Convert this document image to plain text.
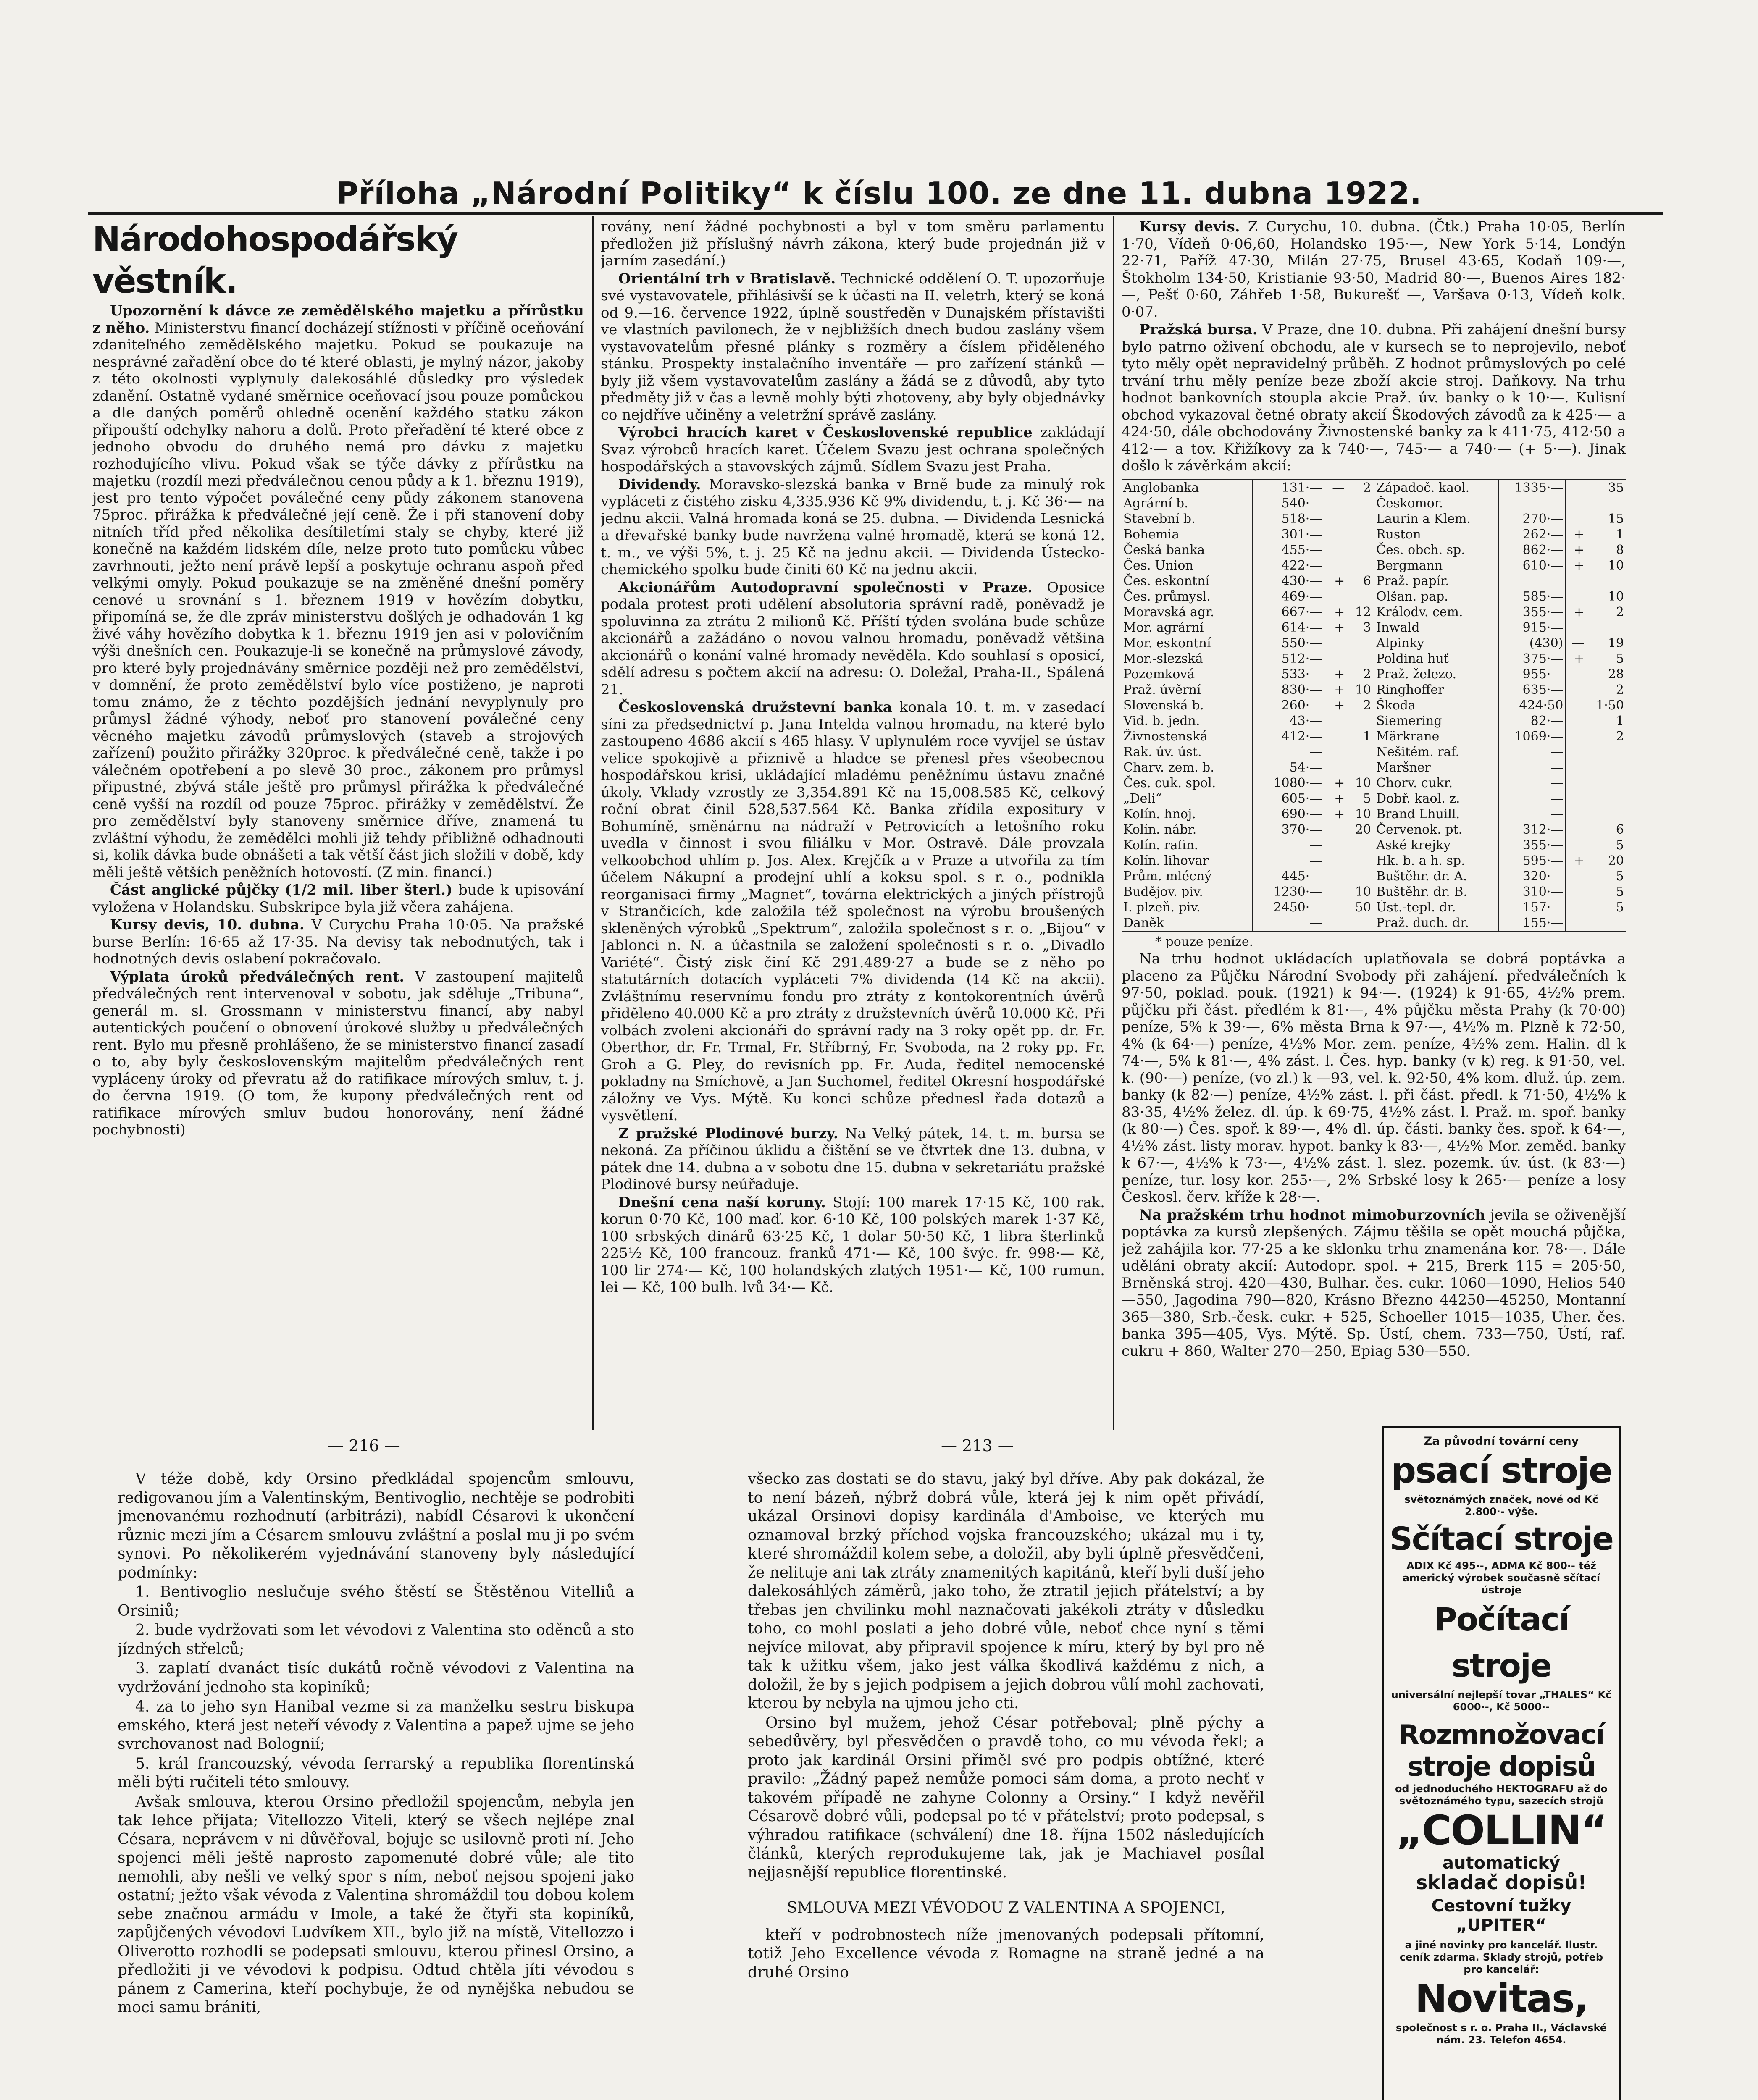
Příloha „Národní Politiky“ k číslu 100. ze dne 11. dubna 1922.
Národohospodářský věstník.

Upozornění k dávce ze zemědělského majetku a přírůstku z něho. Ministerstvu financí docházejí stížnosti v příčině oceňování zdaniteľného zemědělského majetku. Pokud se poukazuje na nesprávné zařadění obce do té které oblasti, je mylný názor, jakoby z této okolnosti vyplynuly dalekosáhlé důsledky pro výsledek zdanění. Ostatně vydané směrnice oceňovací jsou pouze pomůckou a dle daných poměrů ohledně ocenění každého statku zákon připouští odchylky nahoru a dolů. Proto přeřadění té které obce z jednoho obvodu do druhého nemá pro dávku z majetku rozhodujícího vlivu. Pokud však se týče dávky z přírůstku na majetku (rozdíl mezi předválečnou cenou půdy a k 1. březnu 1919), jest pro tento výpočet poválečné ceny půdy zákonem stanovena 75proc. přirážka k předválečné její ceně. Že i při stanovení doby nitních tříd před několika desítiletími staly se chyby, které již konečně na každém lidském díle, nelze proto tuto pomůcku vůbec zavrhnouti, ježto není právě lepší a poskytuje ochranu aspoň před velkými omyly. Pokud poukazuje se na změněné dnešní poměry cenové u srovnání s 1. březnem 1919 v hovězím dobytku, připomíná se, že dle zpráv ministerstvu došlých je odhadován 1 kg živé váhy hovězího dobytka k 1. březnu 1919 jen asi v polovičním výši dnešních cen. Poukazuje-li se konečně na průmyslové závody, pro které byly projednávány směrnice později než pro zemědělství, v domnění, že proto zemědělství bylo více postiženo, je naproti tomu známo, že z těchto pozdějších jednání nevyplynuly pro průmysl žádné výhody, neboť pro stanovení poválečné ceny věcného majetku závodů průmyslových (staveb a strojových zařízení) použito přirážky 320proc. k předválečné ceně, takže i po válečném opotřebení a po slevě 30 proc., zákonem pro průmysl připustné, zbývá stále ještě pro průmysl přirážka k předválečné ceně vyšší na rozdíl od pouze 75proc. přirážky v zemědělství. Že pro zemědělství byly stanoveny směrnice dříve, znamená tu zvláštní výhodu, že zemědělci mohli již tehdy přibližně odhadnouti si, kolik dávka bude obnášeti a tak větší část jich složili v době, kdy měli ještě větších peněžních hotovostí. (Z min. financí.)

Část anglické půjčky (1/2 mil. liber šterl.) bude k upisování vyložena v Holandsku. Subskripce byla již včera zahájena.

Kursy devis, 10. dubna. V Curychu Praha 10·05. Na pražské burse Berlín: 16·65 až 17·35. Na devisy tak nebodnutých, tak i hodnotných devis oslabení pokračovalo.

Výplata úroků předválečných rent. V zastoupení majitelů předválečných rent intervenoval v sobotu, jak sděluje „Tribuna“, generál m. sl. Grossmann v ministerstvu financí, aby nabyl autentických poučení o obnovení úrokové služby u předválečných rent. Bylo mu přesně prohlášeno, že se ministerstvo financí zasadí o to, aby byly československým majitelům předválečných rent vypláceny úroky od převratu až do ratifikace mírových smluv, t. j. do června 1919. (O tom, že kupony předválečných rent od ratifikace mírových smluv budou honorovány, není žádné pochybnosti)

rovány, není žádné pochybnosti a byl v tom směru parlamentu předložen již příslušný návrh zákona, který bude projednán již v jarním zasedání.)

Orientální trh v Bratislavě. Technické oddělení O. T. upozorňuje své vystavovatele, přihlásivší se k účasti na II. veletrh, který se koná od 9.—16. července 1922, úplně soustředěn v Dunajském přístavišti ve vlastních pavilonech, že v nejbližších dnech budou zaslány všem vystavovatelům přesné plánky s rozměry a číslem přiděleného stánku. Prospekty instalačního inventáře — pro zařízení stánků — byly již všem vystavovatelům zaslány a žádá se z důvodů, aby tyto předměty již v čas a levně mohly býti zhotoveny, aby byly objednávky co nejdříve učiněny a veletržní správě zaslány.

Výrobci hracích karet v Československé republice zakládají Svaz výrobců hracích karet. Účelem Svazu jest ochrana společných hospodářských a stavovských zájmů. Sídlem Svazu jest Praha.

Dividendy. Moravsko-slezská banka v Brně bude za minulý rok vypláceti z čistého zisku 4,335.936 Kč 9% dividendu, t. j. Kč 36·— na jednu akcii. Valná hromada koná se 25. dubna. — Dividenda Lesnická a dřevařské banky bude navržena valné hromadě, která se koná 12. t. m., ve výši 5%, t. j. 25 Kč na jednu akcii. — Dividenda Ústecko-chemického spolku bude činiti 60 Kč na jednu akcii.

Akcionářům Autodopravní společnosti v Praze. Oposice podala protest proti udělení absolutoria správní radě, poněvadž je spoluvinna za ztrátu 2 milionů Kč. Příští týden svolána bude schůze akcionářů a zažádáno o novou valnou hromadu, poněvadž většina akcionářů o konání valné hromady nevěděla. Kdo souhlasí s oposicí, sdělí adresu s počtem akcií na adresu: O. Doležal, Praha-II., Spálená 21.

Československá družstevní banka konala 10. t. m. v zasedací síni za předsednictví p. Jana Intelda valnou hromadu, na které bylo zastoupeno 4686 akcií s 465 hlasy. V uplynulém roce vyvíjel se ústav velice spokojivě a přiznivě a hladce se přenesl přes všeobecnou hospodářskou krisi, ukládající mladému peněžnímu ústavu značné úkoly. Vklady vzrostly ze 3,354.891 Kč na 15,008.585 Kč, celkový roční obrat činil 528,537.564 Kč. Banka zřídila expositury v Bohumíně, směnárnu na nádraží v Petrovicích a letošního roku uvedla v činnost i svou filiálku v Mor. Ostravě. Dále provzala velkoobchod uhlím p. Jos. Alex. Krejčík a v Praze a utvořila za tím účelem Nákupní a prodejní uhlí a koksu spol. s r. o., podnikla reorganisaci firmy „Magnet“, továrna elektrických a jiných přístrojů v Strančicích, kde založila též společnost na výrobu broušených skleněných výrobků „Spektrum“, založila společnost s r. o. „Bijou“ v Jablonci n. N. a účastnila se založení společnosti s r. o. „Divadlo Variété“. Čistý zisk činí Kč 291.489·27 a bude se z něho po statutárních dotacích vypláceti 7% dividenda (14 Kč na akcii). Zvláštnímu reservnímu fondu pro ztráty z kontokorentních úvěrů přiděleno 40.000 Kč a pro ztráty z družstevních úvěrů 10.000 Kč. Při volbách zvoleni akcionáři do správní rady na 3 roky opět pp. dr. Fr. Oberthor, dr. Fr. Trmal, Fr. Stříbrný, Fr. Svoboda, na 2 roky pp. Fr. Groh a G. Pley, do revisních pp. Fr. Auda, ředitel nemocenské pokladny na Smíchově, a Jan Suchomel, ředitel Okresní hospodářské záložny ve Vys. Mýtě. Ku konci schůze přednesl řada dotazů a vysvětlení.

Z pražské Plodinové burzy. Na Velký pátek, 14. t. m. bursa se nekoná. Za příčinou úklidu a čištění se ve čtvrtek dne 13. dubna, v pátek dne 14. dubna a v sobotu dne 15. dubna v sekretariátu pražské Plodinové bursy neúřaduje.

Dnešní cena naší koruny. Stojí: 100 marek 17·15 Kč, 100 rak. korun 0·70 Kč, 100 maď. kor. 6·10 Kč, 100 polských marek 1·37 Kč, 100 srbských dinárů 63·25 Kč, 1 dolar 50·50 Kč, 1 libra šterlinků 225½ Kč, 100 francouz. franků 471·— Kč, 100 švýc. fr. 998·— Kč, 100 lir 274·— Kč, 100 holandských zlatých 1951·— Kč, 100 rumun. lei — Kč, 100 bulh. lvů 34·— Kč.

Kursy devis. Z Curychu, 10. dubna. (Čtk.) Praha 10·05, Berlín 1·70, Vídeň 0·06,60, Holandsko 195·—, New York 5·14, Londýn 22·71, Paříž 47·30, Milán 27·75, Brusel 43·65, Kodaň 109·—, Štokholm 134·50, Kristianie 93·50, Madrid 80·—, Buenos Aires 182·—, Pešť 0·60, Záhřeb 1·58, Bukurešť —, Varšava 0·13, Vídeň kolk. 0·07.

Pražská bursa. V Praze, dne 10. dubna. Při zahájení dnešní bursy bylo patrno oživení obchodu, ale v kursech se to neprojevilo, neboť tyto měly opět nepravidelný průběh. Z hodnot průmyslových po celé trvání trhu měly peníze beze zboží akcie stroj. Daňkovy. Na trhu hodnot bankovních stoupla akcie Praž. úv. banky o k 10·—. Kulisní obchod vykazoval četné obraty akcií Škodových závodů za k 425·— a 424·50, dále obchodovány Živnostenské banky za k 411·75, 412·50 a 412·— a tov. Křižíkovy za k 740·—, 745·— a 740·— (+ 5·—). Jinak došlo k závěrkám akcií:

Anglobanka	131·—	—	2
Agrární b.	540·—		
Stavební b.	518·—		
Bohemia	301·—		
Česká banka	455·—		
Čes. Union	422·—		
Čes. eskontní	430·—	+	6
Čes. průmysl.	469·—		
Moravská agr.	667·—	+	12
Mor. agrární	614·—	+	3
Mor. eskontní	550·—		
Mor.-slezská	512·—		
Pozemková	533·—	+	2
Praž. úvěrní	830·—	+	10
Slovenská b.	260·—	+	2
Vid. b. jedn.	43·—		
Živnostenská	412·—		1
Rak. úv. úst.	—		
Charv. zem. b.	54·—		
Čes. cuk. spol.	1080·—	+	10
„Deli“	605·—	+	5
Kolín. hnoj.	690·—	+	10
Kolín. nábr.	370·—		20
Kolín. rafin.	—		
Kolín. lihovar	—		
Prům. mlécný	445·—		
Budějov. piv.	1230·—		10
I. plzeň. piv.	2450·—		50
Daněk	—		
Západoč. kaol.	1335·—		35
Českomor.			
Laurin a Klem.	270·—		15
Ruston	262·—	+	1
Čes. obch. sp.	862·—	+	8
Bergmann	610·—	+	10
Praž. papír.			
Olšan. pap.	585·—		10
Králodv. cem.	355·—	+	2
Inwald	915·—		
Alpinky	(430)	—	19
Poldina huť	375·—	+	5
Praž. železo.	955·—	—	28
Ringhoffer	635·—		2
Škoda	424·50		1·50
Siemering	82·—		1
Märkrane	1069·—		2
Nešitém. raf.	—		
Maršner	—		
Chorv. cukr.	—		
Dobř. kaol. z.	—		
Brand Lhuill.	—		
Červenok. pt.	312·—		6
Aské krejky	355·—		5
Hk. b. a h. sp.	595·—	+	20
Buštěhr. dr. A.	320·—		5
Buštěhr. dr. B.	310·—		5
Úst.-tepl. dr.	157·—		5
Praž. duch. dr.	155·—		
* pouze peníze.

Na trhu hodnot ukládacích uplatňovala se dobrá poptávka a placeno za Půjčku Národní Svobody při zahájení. předválečních k 97·50, poklad. pouk. (1921) k 94·—. (1924) k 91·65, 4½% prem. půjčku při část. předlém k 81·—, 4% půjčku města Prahy (k 70·00) peníze, 5% k 39·—, 6% města Brna k 97·—, 4½% m. Plzně k 72·50, 4% (k 64·—) peníze, 4½% Mor. zem. peníze, 4½% zem. Halin. dl k 74·—, 5% k 81·—, 4% zást. l. Čes. hyp. banky (v k) reg. k 91·50, vel. k. (90·—) peníze, (vo zl.) k —93, vel. k. 92·50, 4% kom. dluž. úp. zem. banky (k 82·—) peníze, 4½% zást. l. při část. předl. k 71·50, 4½% k 83·35, 4½% želez. dl. úp. k 69·75, 4½% zást. l. Praž. m. spoř. banky (k 80·—) Čes. spoř. k 89·—, 4% dl. úp. části. banky čes. spoř. k 64·—, 4½% zást. listy morav. hypot. banky k 83·—, 4½% Mor. zeměd. banky k 67·—, 4½% k 73·—, 4½% zást. l. slez. pozemk. úv. úst. (k 83·—) peníze, tur. losy kor. 255·—, 2% Srbské losy k 265·— peníze a losy Českosl. červ. kříže k 28·—.

Na pražském trhu hodnot mimoburzovních jevila se oživenější poptávka za kursů zlepšených. Zájmu těšila se opět mouchá půjčka, jež zahájila kor. 77·25 a ke sklonku trhu znamenána kor. 78·—. Dále uděláni obraty akcií: Autodopr. spol. + 215, Brerk 115 = 205·50, Brněnská stroj. 420—430, Bulhar. čes. cukr. 1060—1090, Helios 540—550, Jagodina 790—820, Krásno Březno 44250—45250, Montanní 365—380, Srb.-česk. cukr. + 525, Schoeller 1015—1035, Uher. čes. banka 395—405, Vys. Mýtě. Sp. Ústí, chem. 733—750, Ústí, raf. cukru + 860, Walter 270—250, Epiag 530—550.

— 216 —	— 213 —

V téže době, kdy Orsino předkládal spojencům smlouvu, redigovanou jím a Valentinským, Bentivoglio, nechtěje se podrobiti jmenovanému rozhodnutí (arbitrázi), nabídl Césarovi k ukončení různic mezi jím a Césarem smlouvu zvláštní a poslal mu ji po svém synovi. Po několikerém vyjednávání stanoveny byly následující podmínky:

1. Bentivoglio neslučuje svého štěstí se Štěstěnou Vitelliů a Orsiniů;

2. bude vydržovati som let vévodovi z Valentina sto oděnců a sto jízdných střelců;

3. zaplatí dvanáct tisíc dukátů ročně vévodovi z Valentina na vydržování jednoho sta kopiníků;

4. za to jeho syn Hanibal vezme si za manželku sestru biskupa emského, která jest neteří vévody z Valentina a papež ujme se jeho svrchovanost nad Bolognií;

5. král francouzský, vévoda ferrarský a republika florentinská měli býti ručiteli této smlouvy.

Avšak smlouva, kterou Orsino předložil spojencům, nebyla jen tak lehce přijata; Vitellozzo Viteli, který se všech nejlépe znal Césara, neprávem v ni důvěřoval, bojuje se usilovně proti ní. Jeho spojenci měli ještě naprosto zapomenuté dobré vůle; ale tito nemohli, aby nešli ve velký spor s ním, neboť nejsou spojeni jako ostatní; ježto však vévoda z Valentina shromáždil tou dobou kolem sebe značnou armádu v Imole, a také že čtyři sta kopiníků, zapůjčených vévodovi Ludvíkem XII., bylo již na místě, Vitellozzo i Oliverotto rozhodli se podepsati smlouvu, kterou přinesl Orsino, a předložiti ji ve vévodovi k podpisu. Odtud chtěla jíti vévodou s pánem z Camerina, kteří pochybuje, že od nynějška nebudou se moci samu brániti,

všecko zas dostati se do stavu, jaký byl dříve. Aby pak dokázal, že to není bázeň, nýbrž dobrá vůle, která jej k nim opět přivádí, ukázal Orsinovi dopisy kardinála d'Amboise, ve kterých mu oznamoval brzký příchod vojska francouzského; ukázal mu i ty, které shromáždil kolem sebe, a doložil, aby byli úplně přesvědčeni, že nelituje ani tak ztráty znamenitých kapitánů, kteří byli duší jeho dalekosáhlých záměrů, jako toho, že ztratil jejich přátelství; a by třebas jen chvilinku mohl naznačovati jakékoli ztráty v důsledku toho, co mohl poslati a jeho dobré vůle, neboť chce nyní s těmi nejvíce milovat, aby připravil spojence k míru, který by byl pro ně tak k užitku všem, jako jest válka škodlivá každému z nich, a doložil, že by s jejich podpisem a jejich dobrou vůlí mohl zachovati, kterou by nebyla na ujmou jeho cti.

Orsino byl mužem, jehož César potřeboval; plně pýchy a sebedůvěry, byl přesvědčen o pravdě toho, co mu vévoda řekl; a proto jak kardinál Orsini přiměl své pro podpis obtížné, které pravilo: „Žádný papež nemůže pomoci sám doma, a proto nechť v takovém případě ne zahyne Colonny a Orsiny.“ I když nevěřil Césarově dobré vůli, podepsal po té v přátelství; proto podepsal, s výhradou ratifikace (schválení) dne 18. října 1502 následujících článků, kterých reprodukujeme tak, jak je Machiavel posílal nejjasnější republice florentinské.

SMLOUVA MEZI VÉVODOU Z VALENTINA A SPOJENCI,

kteří v podrobnostech níže jmenovaných podepsali přítomní, totiž Jeho Excellence vévoda z Romagne na straně jedné a na druhé Orsino

Za původní tovární ceny
psací stroje
světoznámých značek, nové od Kč 2.800·- výše.
Sčítací stroje
ADIX Kč 495·-, ADMA Kč 800·- též americký výrobek současně sčítací ústroje
Počítací stroje
universální nejlepší tovar „THALES“ Kč 6000·-, Kč 5000·-
Rozmnožovací stroje dopisů
od jednoduchého HEKTOGRAFU až do světoznámého typu, sazecích strojů
„COLLIN“
automatický
skladač dopisů!
Cestovní tužky „UPITER“
a jiné novinky pro kancelář. Ilustr. ceník zdarma. Sklady strojů, potřeb pro kancelář:
Novitas,
společnost s r. o. Praha II., Václavské nám. 23. Telefon 4654.
